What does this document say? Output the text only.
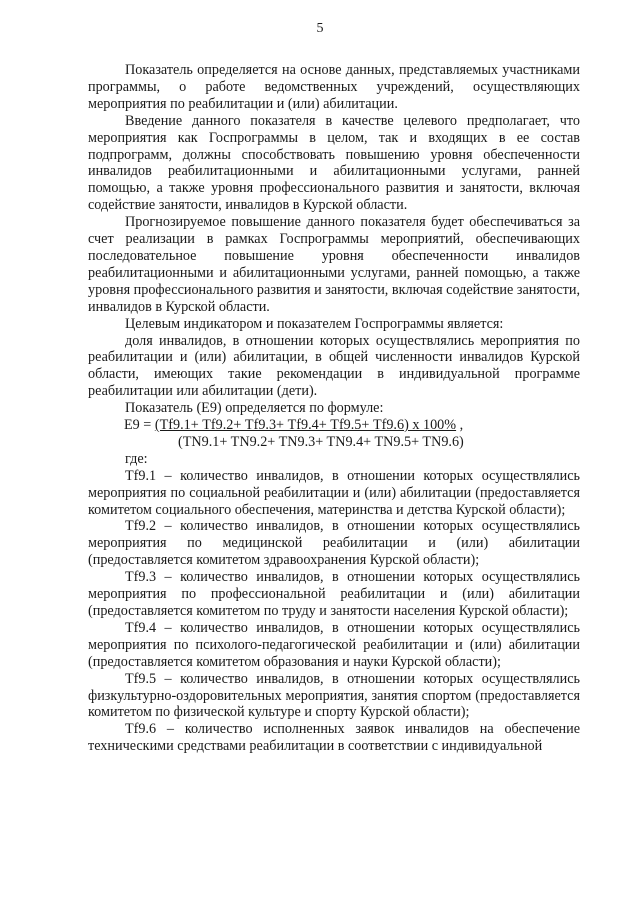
5

Показатель определяется на основе данных, представляемых участниками программы, о работе ведомственных учреждений, осуществляющих мероприятия по реабилитации и (или) абилитации.

Введение данного показателя в качестве целевого предполагает, что мероприятия как Госпрограммы в целом, так и входящих в ее состав подпрограмм, должны способствовать повышению уровня обеспеченности инвалидов реабилитационными и абилитационными услугами, ранней помощью, а также уровня профессионального развития и занятости, включая содействие занятости, инвалидов в Курской области.

Прогнозируемое повышение данного показателя будет обеспечиваться за счет реализации в рамках Госпрограммы мероприятий, обеспечивающих последовательное повышение уровня обеспеченности инвалидов реабилитационными и абилитационными услугами, ранней помощью, а также уровня профессионального развития и занятости, включая содействие занятости, инвалидов в Курской области.

Целевым индикатором и показателем Госпрограммы является:

доля инвалидов, в отношении которых осуществлялись мероприятия по реабилитации и (или) абилитации, в общей численности инвалидов Курской области, имеющих такие рекомендации в индивидуальной программе реабилитации или абилитации (дети).

Показатель (Е9) определяется по формуле:

Е9 = (Тf9.1+ Тf9.2+ Тf9.3+ Тf9.4+ Тf9.5+ Тf9.6) х 100% ,

(TN9.1+ TN9.2+ TN9.3+ TN9.4+ TN9.5+ TN9.6)

где:

Тf9.1 – количество инвалидов, в отношении которых осуществлялись мероприятия по социальной реабилитации и (или) абилитации (предоставляется комитетом социального обеспечения, материнства и детства Курской области);

Тf9.2 – количество инвалидов, в отношении которых осуществлялись мероприятия по медицинской реабилитации и (или) абилитации (предоставляется комитетом здравоохранения Курской области);

Тf9.3 – количество инвалидов, в отношении которых осуществлялись мероприятия по профессиональной реабилитации и (или) абилитации (предоставляется комитетом по труду и занятости населения Курской области);

Тf9.4 – количество инвалидов, в отношении которых осуществлялись мероприятия по психолого-педагогической реабилитации и (или) абилитации (предоставляется комитетом образования и науки Курской области);

Тf9.5 – количество инвалидов, в отношении которых осуществлялись физкультурно-оздоровительных мероприятия, занятия спортом (предоставляется комитетом по физической культуре и спорту Курской области);

Тf9.6 – количество исполненных заявок инвалидов на обеспечение техническими средствами реабилитации в соответствии с индивидуальной
